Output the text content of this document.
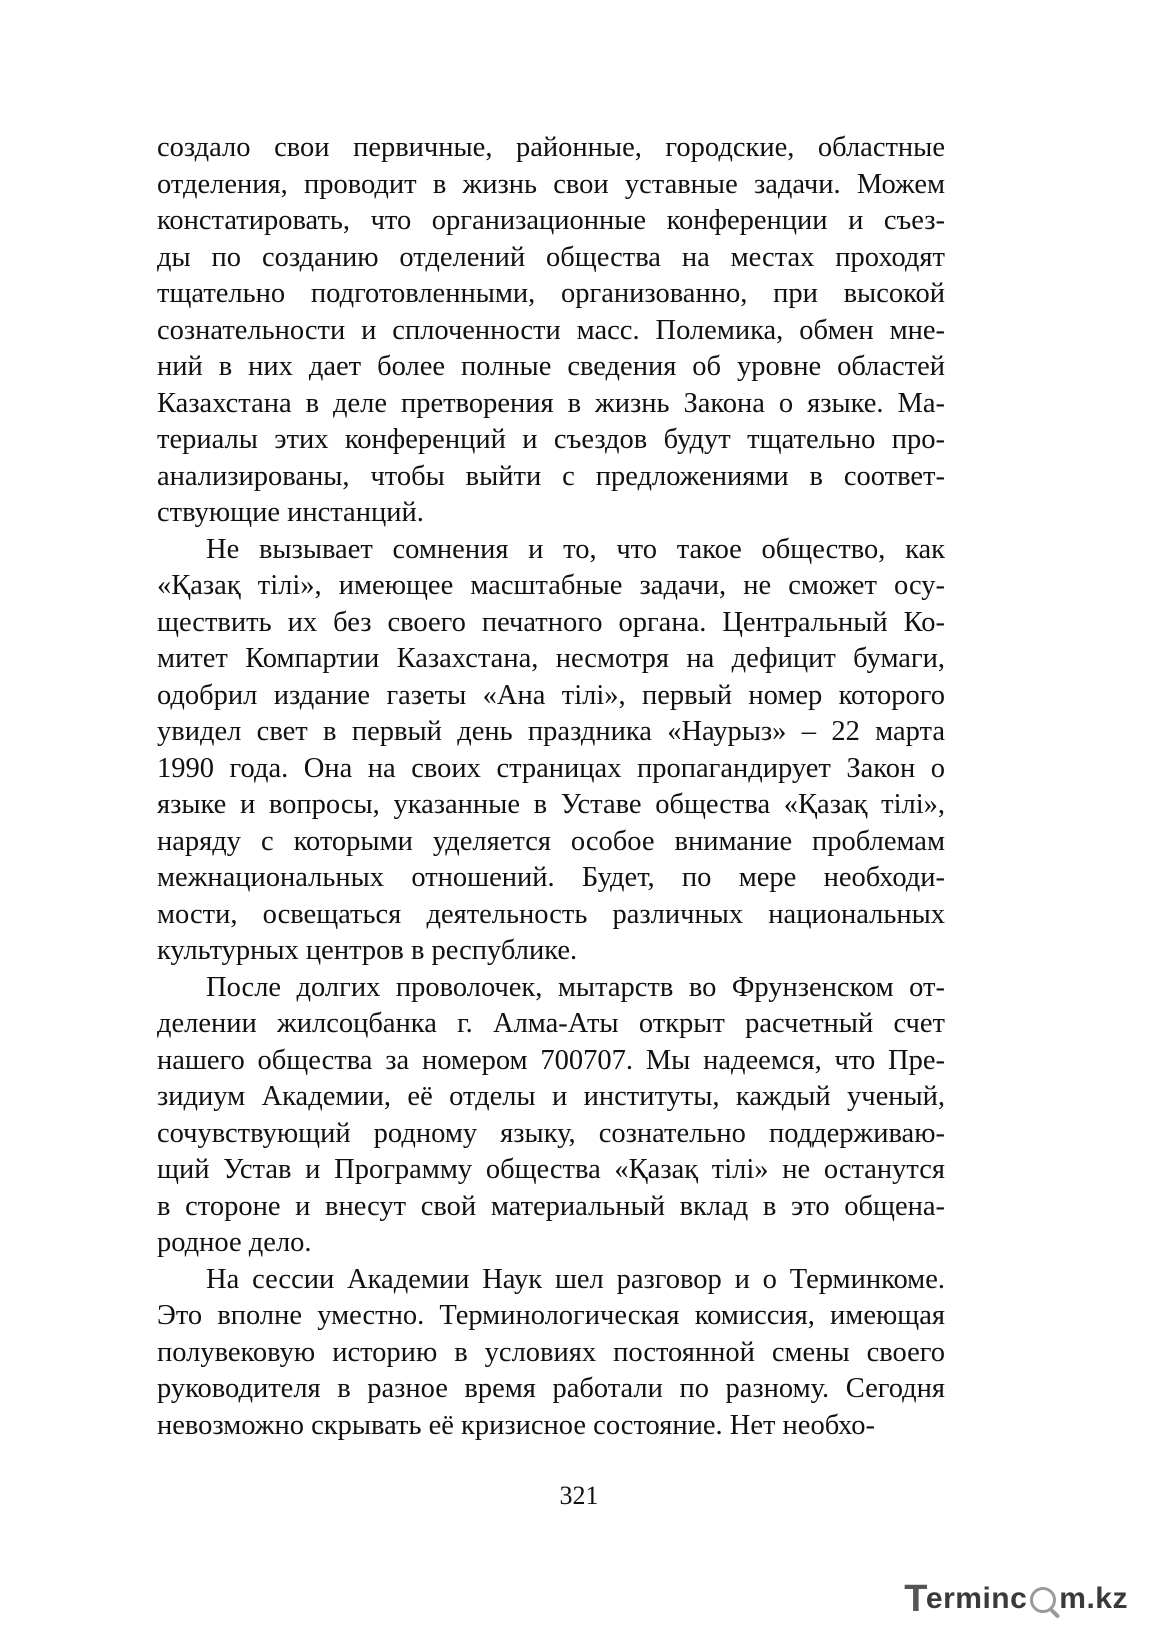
создало свои первичные, районные, городские, областные
отделения, проводит в жизнь свои уставные задачи. Можем
констатировать, что организационные конференции и съез-
ды по созданию отделений общества на местах проходят
тщательно подготовленными, организованно, при высокой
сознательности и сплоченности масс. Полемика, обмен мне-
ний в них дает более полные сведения об уровне областей
Казахстана в деле претворения в жизнь Закона о языке. Ма-
териалы этих конференций и съездов будут тщательно про-
анализированы, чтобы выйти с предложениями в соответ-
ствующие инстанций.

Не вызывает сомнения и то, что такое общество, как
«Қазақ тілі», имеющее масштабные задачи, не сможет осу-
ществить их без своего печатного органа. Центральный Ко-
митет Компартии Казахстана, несмотря на дефицит бумаги,
одобрил издание газеты «Ана тілі», первый номер которого
увидел свет в первый день праздника «Наурыз» – 22 марта
1990 года. Она на своих страницах пропагандирует Закон о
языке и вопросы, указанные в Уставе общества «Қазақ тілі»,
наряду с которыми уделяется особое внимание проблемам
межнациональных отношений. Будет, по мере необходи-
мости, освещаться деятельность различных национальных
культурных центров в республике.

После долгих проволочек, мытарств во Фрунзенском от-
делении жилсоцбанка г. Алма-Аты открыт расчетный счет
нашего общества за номером 700707. Мы надеемся, что Пре-
зидиум Академии, её отделы и институты, каждый ученый,
сочувствующий родному языку, сознательно поддерживаю-
щий Устав и Программу общества «Қазақ тілі» не останутся
в стороне и внесут свой материальный вклад в это общена-
родное дело.

На сессии Академии Наук шел разговор и о Терминкоме.
Это вполне уместно. Терминологическая комиссия, имеющая
полувековую историю в условиях постоянной смены своего
руководителя в разное время работали по разному. Сегодня
невозможно скрывать её кризисное состояние. Нет необхо-

321
T
erminc m.kz
